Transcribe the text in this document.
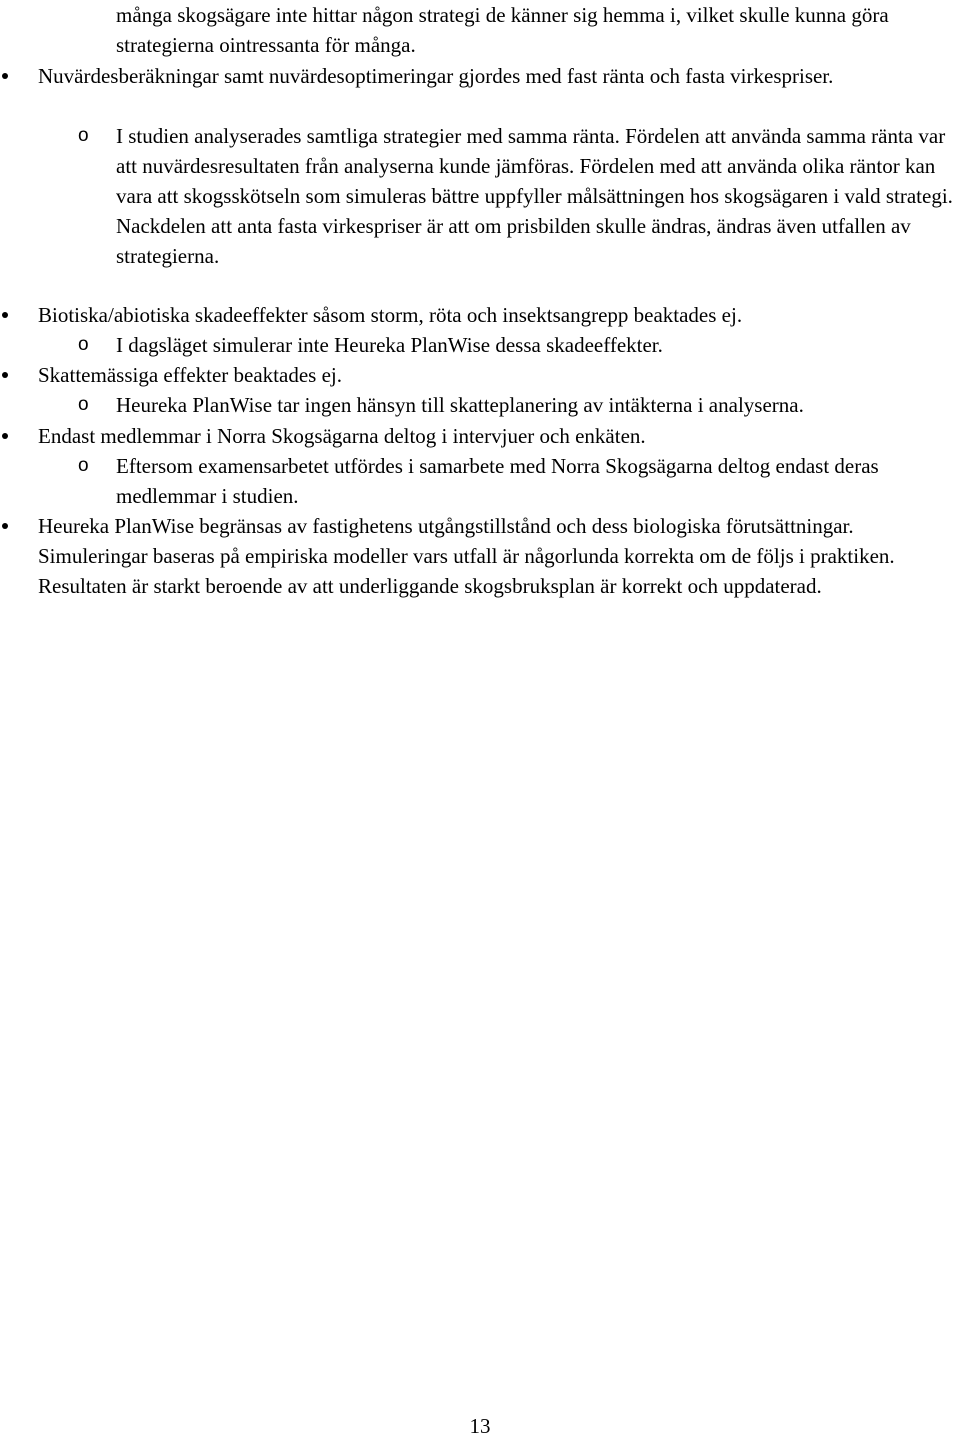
många skogsägare inte hittar någon strategi de känner sig hemma i, vilket skulle kunna göra strategierna ointressanta för många.
Nuvärdesberäkningar samt nuvärdesoptimeringar gjordes med fast ränta och fasta virkespriser.
o I studien analyserades samtliga strategier med samma ränta. Fördelen att använda samma ränta var att nuvärdesresultaten från analyserna kunde jämföras. Fördelen med att använda olika räntor kan vara att skogsskötseln som simuleras bättre uppfyller målsättningen hos skogsägaren i vald strategi. Nackdelen att anta fasta virkespriser är att om prisbilden skulle ändras, ändras även utfallen av strategierna.
Biotiska/abiotiska skadeeffekter såsom storm, röta och insektsangrepp beaktades ej.
o I dagsläget simulerar inte Heureka PlanWise dessa skadeeffekter.
Skattemässiga effekter beaktades ej.
o Heureka PlanWise tar ingen hänsyn till skatteplanering av intäkterna i analyserna.
Endast medlemmar i Norra Skogsägarna deltog i intervjuer och enkäten.
o Eftersom examensarbetet utfördes i samarbete med Norra Skogsägarna deltog endast deras medlemmar i studien.
Heureka PlanWise begränsas av fastighetens utgångstillstånd och dess biologiska förutsättningar. Simuleringar baseras på empiriska modeller vars utfall är någorlunda korrekta om de följs i praktiken. Resultaten är starkt beroende av att underliggande skogsbruksplan är korrekt och uppdaterad.
13
